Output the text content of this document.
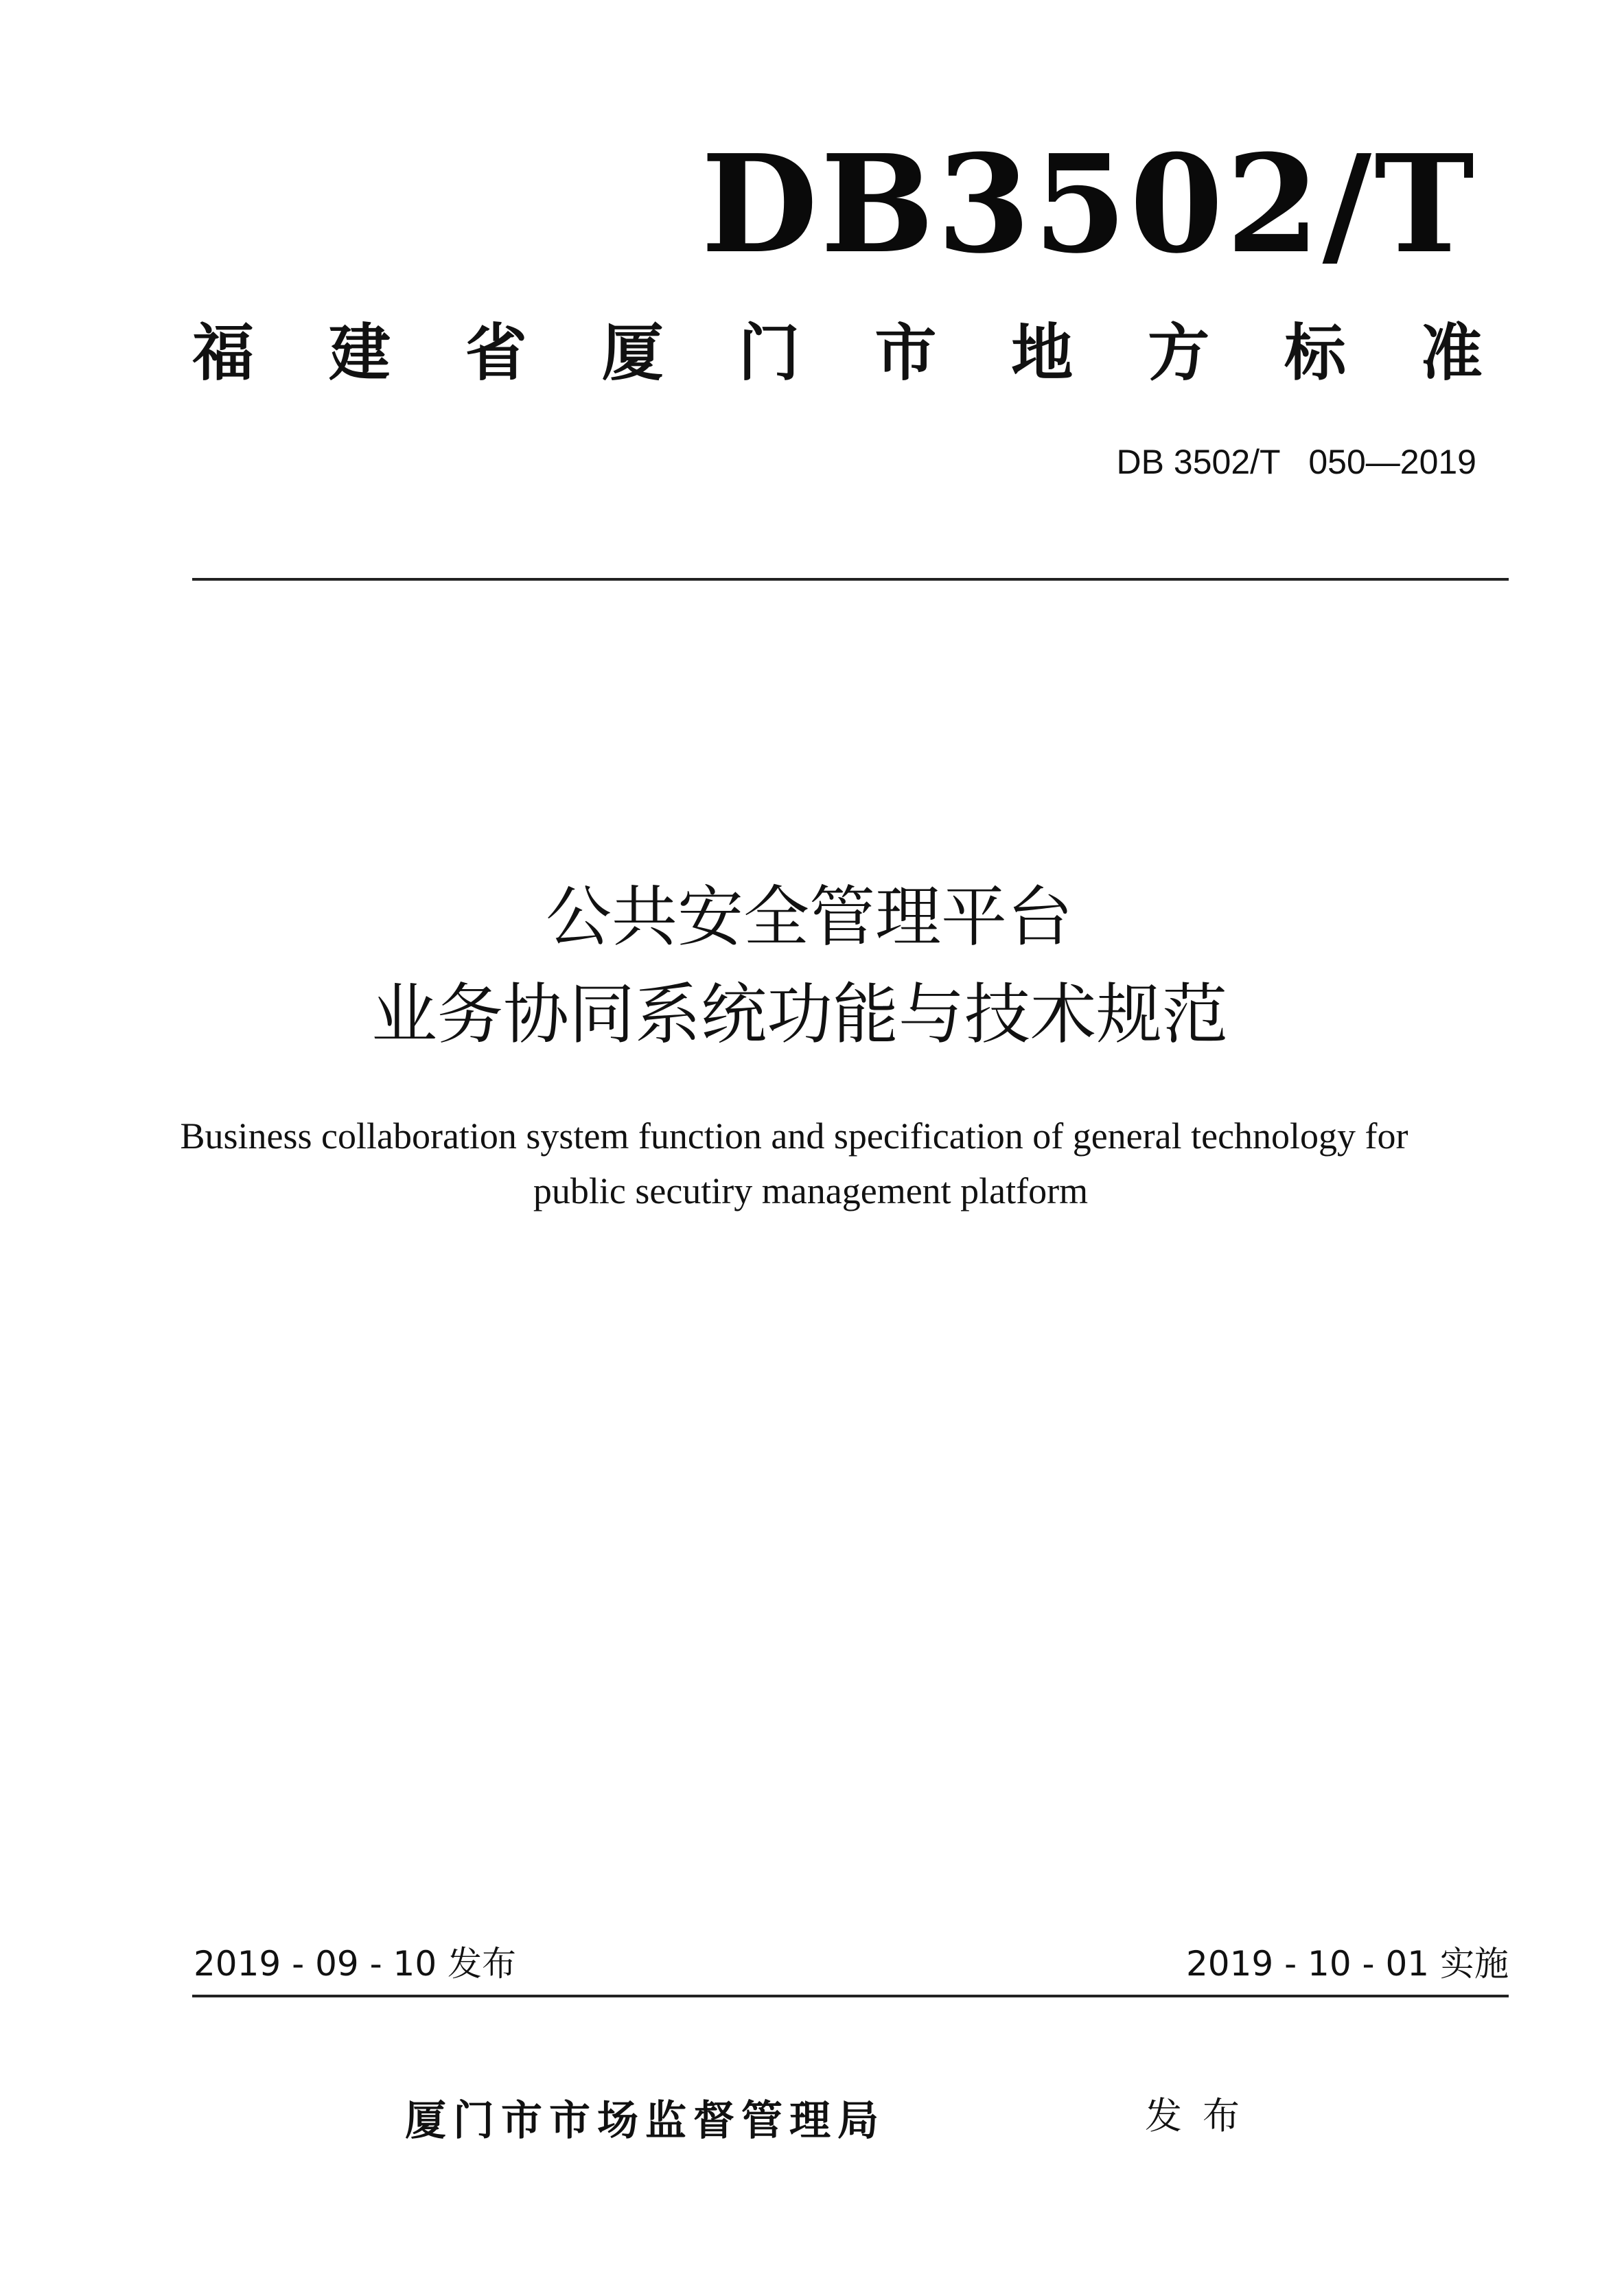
DB3502/T
福 建 省 厦 门 市 地 方 标 准
DB 3502/T   050—2019
公共安全管理平台
业务协同系统功能与技术规范
Business collaboration system function and specification of general technology for
public secutiry management platform
2019 - 09 - 10 发布	2019 - 10 - 01 实施
厦门市市场监督管理局	发布
